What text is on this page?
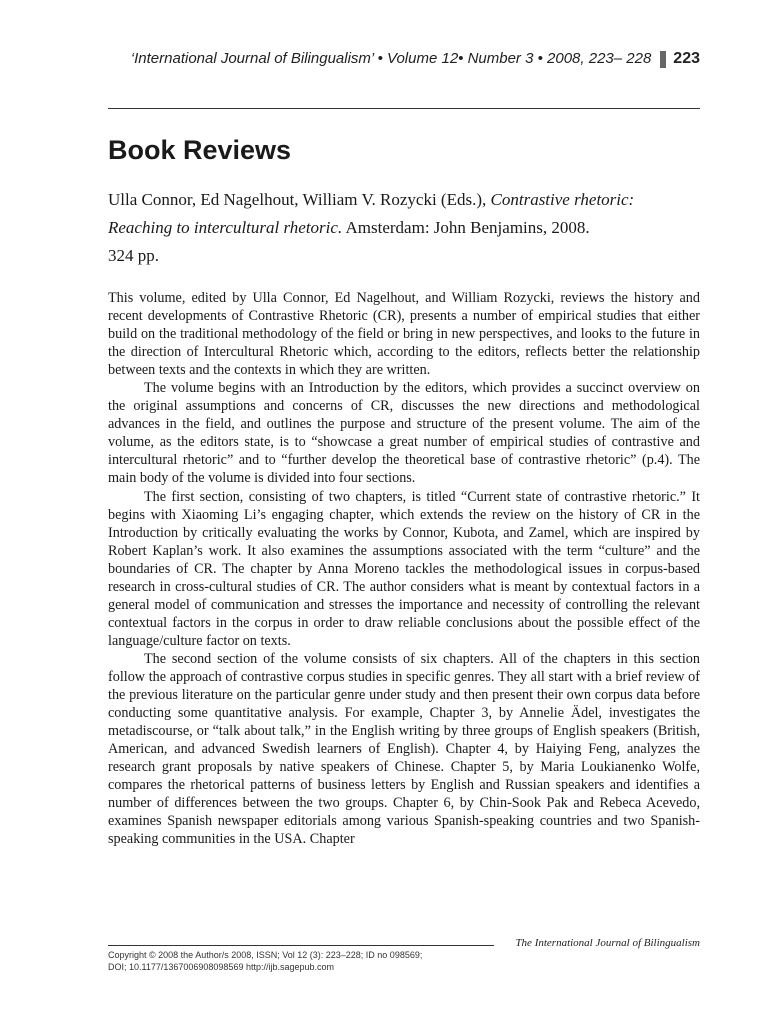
‘International Journal of Bilingualism’ • Volume 12• Number 3 • 2008, 223– 228 223
Book Reviews
Ulla Connor, Ed Nagelhout, William V. Rozycki (Eds.), Contrastive rhetoric: Reaching to intercultural rhetoric. Amsterdam: John Benjamins, 2008.
324 pp.

This volume, edited by Ulla Connor, Ed Nagelhout, and William Rozycki, reviews the history and recent developments of Contrastive Rhetoric (CR), presents a number of empirical studies that either build on the traditional methodology of the field or bring in new perspectives, and looks to the future in the direction of Intercultural Rhetoric which, according to the editors, reflects better the relationship between texts and the contexts in which they are written.

The volume begins with an Introduction by the editors, which provides a succinct overview on the original assumptions and concerns of CR, discusses the new directions and methodological advances in the field, and outlines the purpose and structure of the present volume. The aim of the volume, as the editors state, is to “showcase a great number of empirical studies of contrastive and intercultural rhetoric” and to “further develop the theoretical base of contrastive rhetoric” (p.4). The main body of the volume is divided into four sections.

The first section, consisting of two chapters, is titled “Current state of contrastive rhetoric.” It begins with Xiaoming Li’s engaging chapter, which extends the review on the history of CR in the Introduction by critically evaluating the works by Connor, Kubota, and Zamel, which are inspired by Robert Kaplan’s work. It also examines the assumptions associated with the term “culture” and the boundaries of CR. The chapter by Anna Moreno tackles the methodological issues in corpus-based research in cross-cultural studies of CR. The author considers what is meant by contextual factors in a general model of communication and stresses the importance and necessity of controlling the relevant contextual factors in the corpus in order to draw reliable conclusions about the possible effect of the language/culture factor on texts.

The second section of the volume consists of six chapters. All of the chapters in this section follow the approach of contrastive corpus studies in specific genres. They all start with a brief review of the previous literature on the particular genre under study and then present their own corpus data before conducting some quantitative analysis. For example, Chapter 3, by Annelie Ädel, investigates the metadiscourse, or “talk about talk,” in the English writing by three groups of English speakers (British, American, and advanced Swedish learners of English). Chapter 4, by Haiying Feng, analyzes the research grant proposals by native speakers of Chinese. Chapter 5, by Maria Loukianenko Wolfe, compares the rhetorical patterns of business letters by English and Russian speakers and identifies a number of differences between the two groups. Chapter 6, by Chin-Sook Pak and Rebeca Acevedo, examines Spanish newspaper editorials among various Spanish-speaking countries and two Spanish-speaking communities in the USA. Chapter

The International Journal of Bilingualism
Copyright © 2008 the Author/s 2008, ISSN; Vol 12 (3): 223–228; ID no 098569;
DOI; 10.1177/1367006908098569 http://ijb.sagepub.com
